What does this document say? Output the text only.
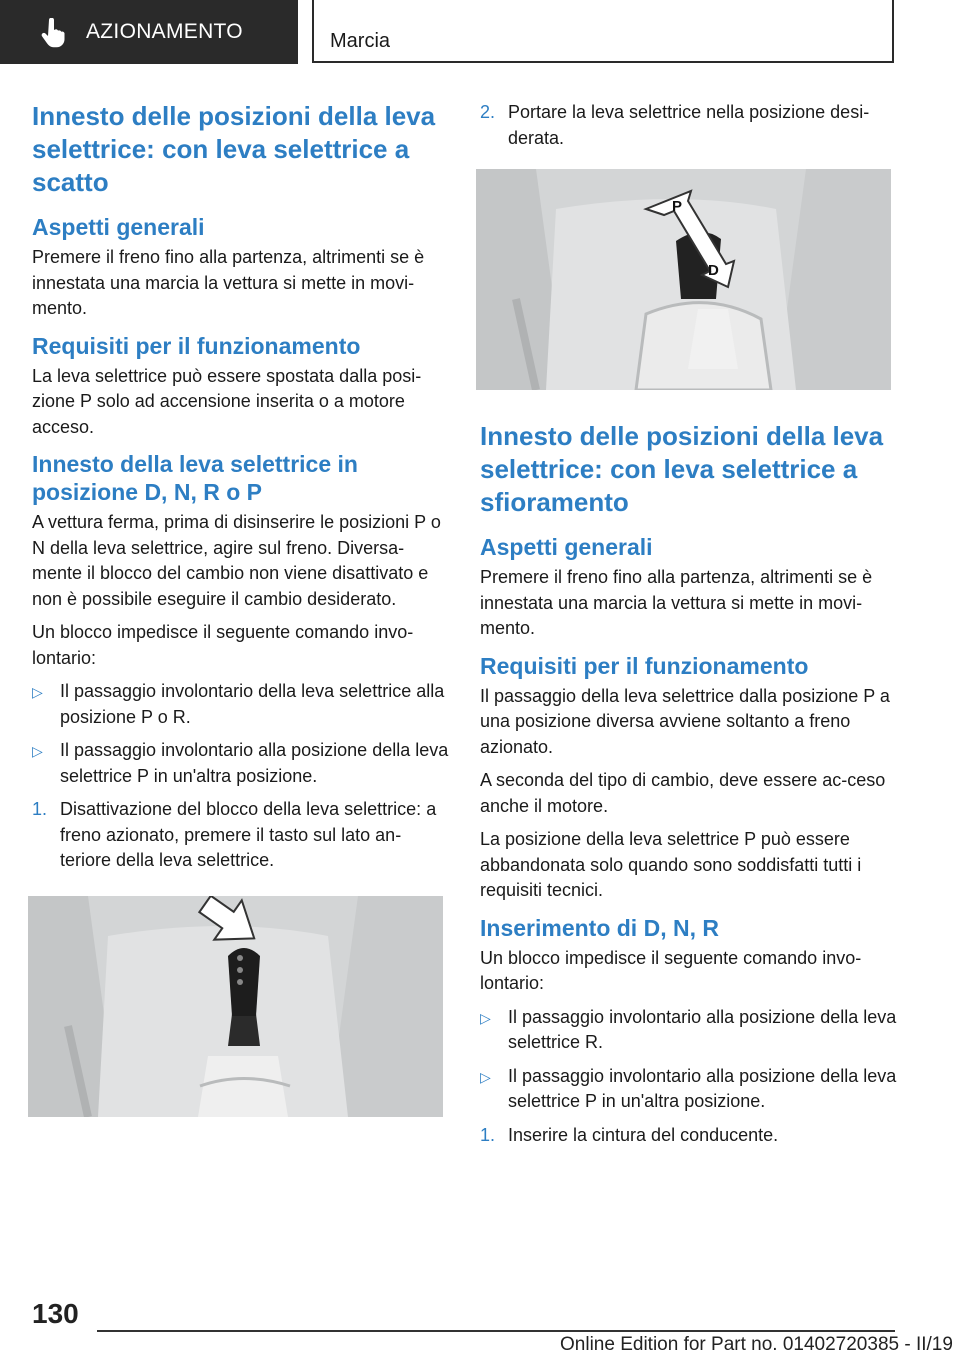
AZIONAMENTO	Marcia
Innesto delle posizioni della leva selettrice: con leva selettrice a scatto
Aspetti generali

Premere il freno fino alla partenza, altrimenti se è innestata una marcia la vettura si mette in movi-mento.

Requisiti per il funzionamento

La leva selettrice può essere spostata dalla posi-zione P solo ad accensione inserita o a motore acceso.

Innesto della leva selettrice in posizione D, N, R o P

A vettura ferma, prima di disinserire le posizioni P o N della leva selettrice, agire sul freno. Diversa-mente il blocco del cambio non viene disattivato e non è possibile eseguire il cambio desiderato.

Un blocco impedisce il seguente comando invo-lontario:

▷ Il passaggio involontario della leva selettrice alla posizione P o R.
▷ Il passaggio involontario alla posizione della leva selettrice P in un'altra posizione.
1. Disattivazione del blocco della leva selettrice: a freno azionato, premere il tasto sul lato an-teriore della leva selettrice.
2. Portare la leva selettrice nella posizione desi-derata.
P
R
N
D
Innesto delle posizioni della leva selettrice: con leva selettrice a sfioramento
Aspetti generali

Premere il freno fino alla partenza, altrimenti se è innestata una marcia la vettura si mette in movi-mento.

Requisiti per il funzionamento

Il passaggio della leva selettrice dalla posizione P a una posizione diversa avviene soltanto a freno azionato.

A seconda del tipo di cambio, deve essere ac-ceso anche il motore.

La posizione della leva selettrice P può essere abbandonata solo quando sono soddisfatti tutti i requisiti tecnici.

Inserimento di D, N, R

Un blocco impedisce il seguente comando invo-lontario:

▷ Il passaggio involontario alla posizione della leva selettrice R.
▷ Il passaggio involontario alla posizione della leva selettrice P in un'altra posizione.
1. Inserire la cintura del conducente.
130
Online Edition for Part no. 01402720385 - II/19
